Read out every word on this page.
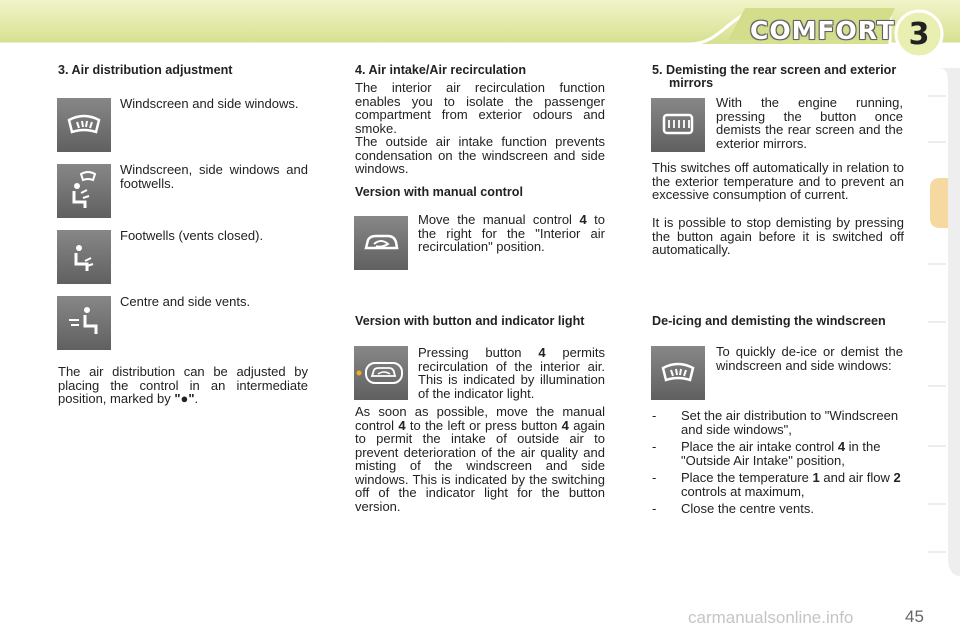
COMFORT 3
3. Air distribution adjustment
Windscreen and side windows.
Windscreen, side windows and footwells.
Footwells (vents closed).
Centre and side vents.
The air distribution can be adjusted by placing the control in an intermediate position, marked by "●".
4. Air intake/Air recirculation
The interior air recirculation function enables you to isolate the passenger compartment from exterior odours and smoke.
The outside air intake function prevents condensation on the windscreen and side windows.
Version with manual control
Move the manual control 4 to the right for the "Interior air recirculation" position.
Version with button and indicator light
Pressing button 4 permits recirculation of the interior air. This is indicated by illumination of the indicator light.
As soon as possible, move the manual control 4 to the left or press button 4 again to permit the intake of outside air to prevent deterioration of the air quality and misting of the windscreen and side windows. This is indicated by the switching off of the indicator light for the button version.
5. Demisting the rear screen and exterior mirrors
With the engine running, pressing the button once demists the rear screen and the exterior mirrors.
This switches off automatically in relation to the exterior temperature and to prevent an excessive consumption of current.
It is possible to stop demisting by pressing the button again before it is switched off automatically.
De-icing and demisting the windscreen
To quickly de-ice or demist the windscreen and side windows:
- Set the air distribution to "Windscreen and side windows",
- Place the air intake control 4 in the "Outside Air Intake" position,
- Place the temperature 1 and air flow 2 controls at maximum,
- Close the centre vents.
carmanualsonline.info	45
